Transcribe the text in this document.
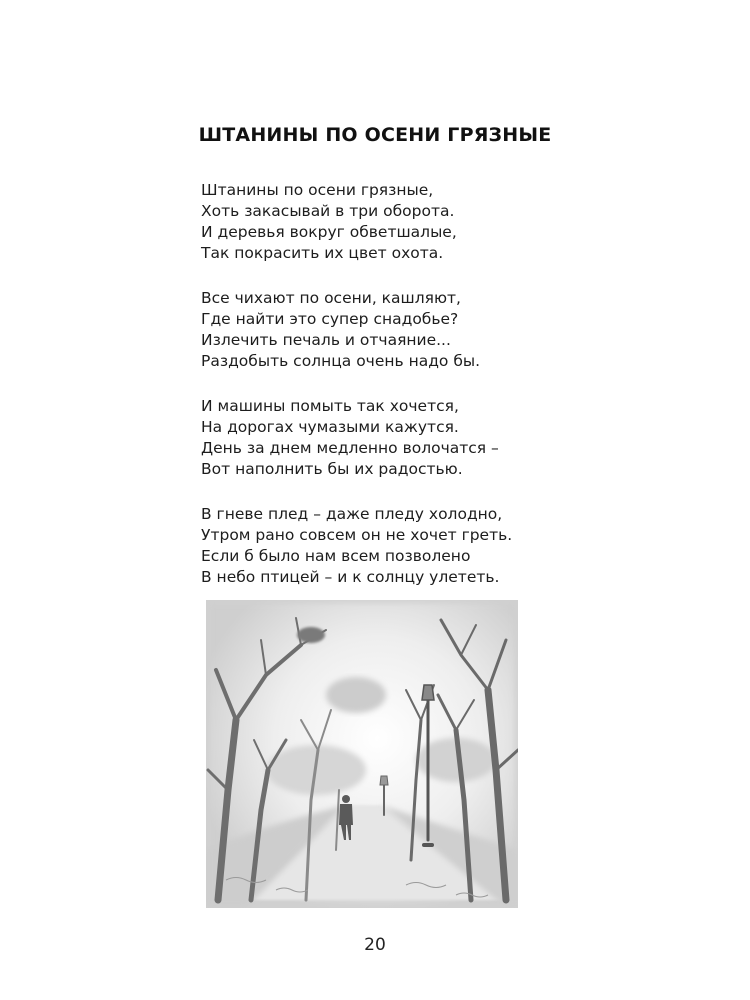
ШТАНИНЫ ПО ОСЕНИ ГРЯЗНЫЕ
Штанины по осени грязные,
Хоть закасывай в три оборота.
И деревья вокруг обветшалые,
Так покрасить их цвет охота.
Все чихают по осени, кашляют,
Где найти это супер снадобье?
Излечить печаль и отчаяние...
Раздобыть солнца очень надо бы.
И машины помыть так хочется,
На дорогах чумазыми кажутся.
День за днем медленно волочатся –
Вот наполнить бы их радостью.
В гневе плед – даже пледу холодно,
Утром рано совсем он не хочет греть.
Если б было нам всем позволено
В небо птицей – и к солнцу улететь.
20
